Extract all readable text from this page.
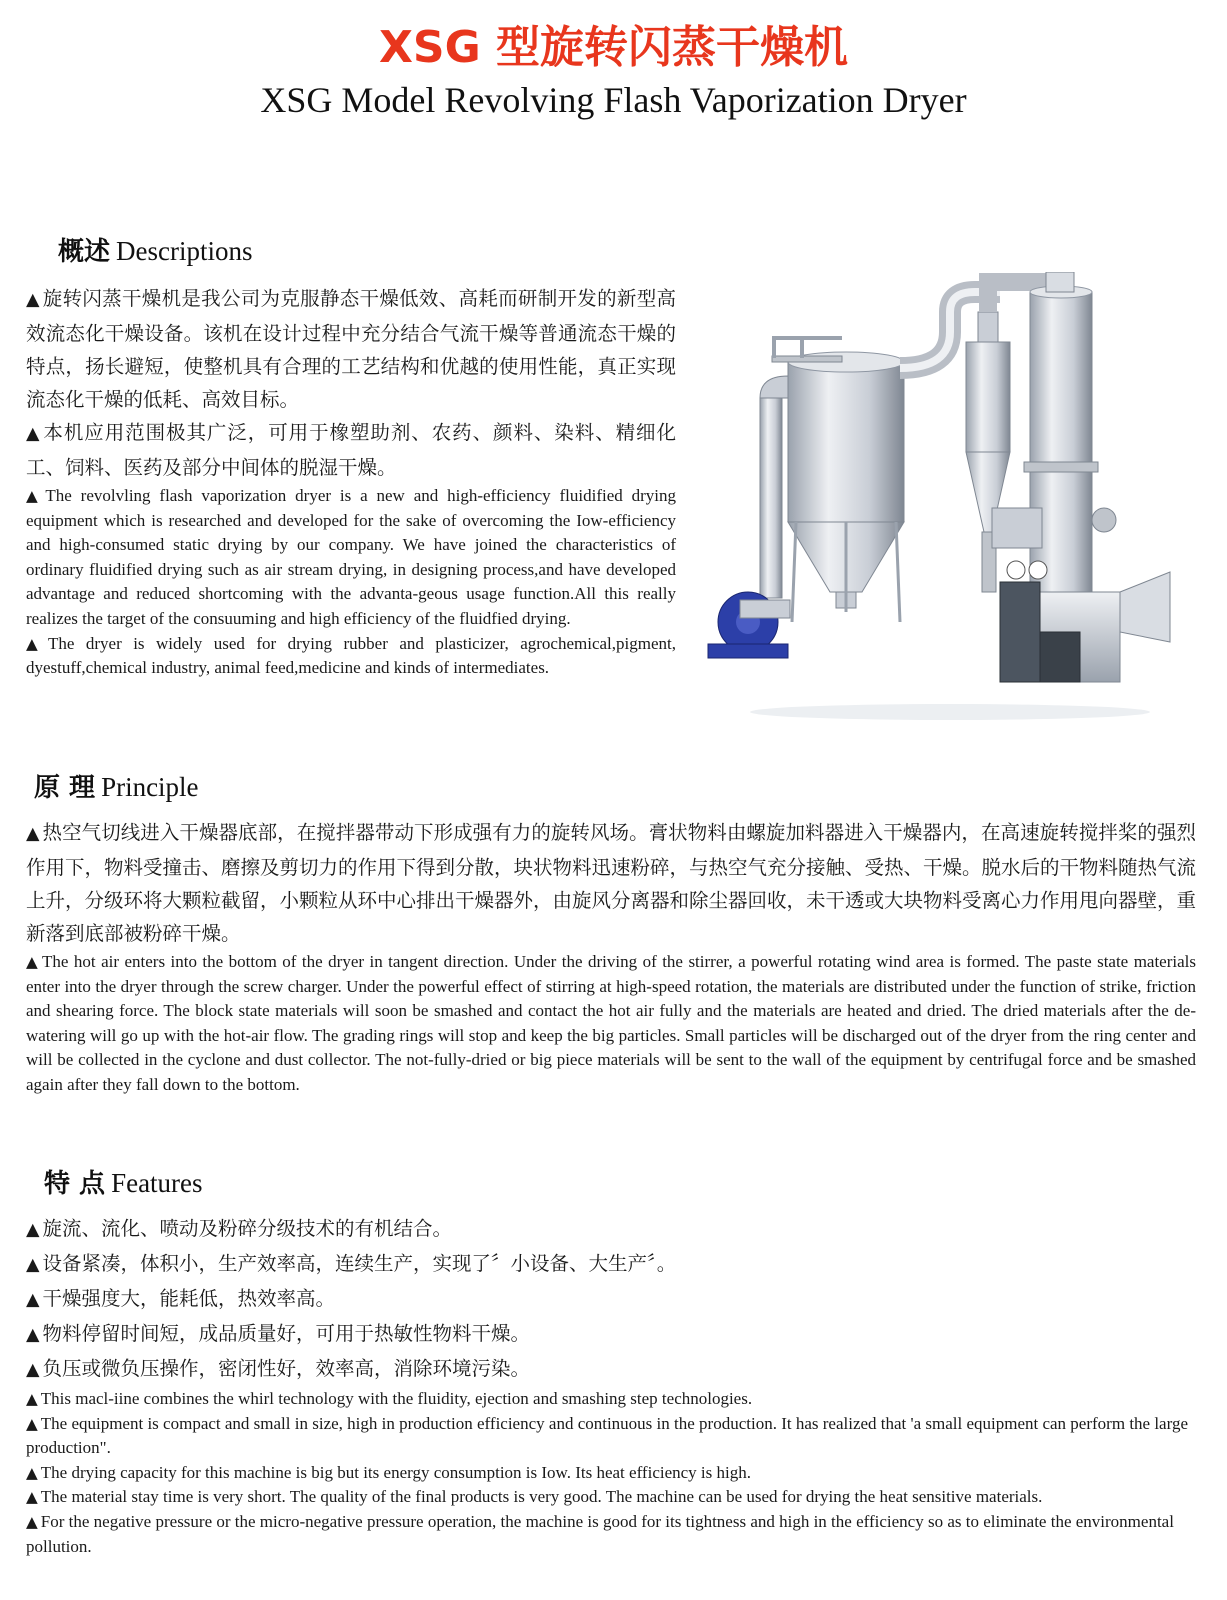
XSG 型旋转闪蒸干燥机
XSG Model Revolving Flash Vaporization Dryer
概述 Descriptions

▲ 旋转闪蒸干燥机是我公司为克服静态干燥低效、高耗而研制开发的新型高效流态化干燥设备。该机在设计过程中充分结合气流干燥等普通流态干燥的特点，扬长避短，使整机具有合理的工艺结构和优越的使用性能，真正实现流态化干燥的低耗、高效目标。

▲ 本机应用范围极其广泛，可用于橡塑助剂、农药、颜料、染料、精细化工、饲料、医药及部分中间体的脱湿干燥。

▲ The revolvling flash vaporization dryer is a new and high-efficiency fluidified drying equipment which is researched and developed for the sake of overcoming the Iow-efficiency and high-consumed static drying by our company. We have joined the characteristics of ordinary fluidified drying such as air stream drying, in designing process,and have developed advantage and reduced shortcoming with the advanta-geous usage function.All this really realizes the target of the consuuming and high efficiency of the fluidfied drying.

▲ The dryer is widely used for drying rubber and plasticizer, agrochemical,pigment, dyestuff,chemical industry, animal feed,medicine and kinds of intermediates.

原 理 Principle

▲ 热空气切线进入干燥器底部，在搅拌器带动下形成强有力的旋转风场。膏状物料由螺旋加料器进入干燥器内，在高速旋转搅拌桨的强烈作用下，物料受撞击、磨擦及剪切力的作用下得到分散，块状物料迅速粉碎，与热空气充分接触、受热、干燥。脱水后的干物料随热气流上升，分级环将大颗粒截留，小颗粒从环中心排出干燥器外，由旋风分离器和除尘器回收，未干透或大块物料受离心力作用甩向器壁，重新落到底部被粉碎干燥。

▲ The hot air enters into the bottom of the dryer in tangent direction. Under the driving of the stirrer, a powerful rotating wind area is formed. The paste state materials enter into the dryer through the screw charger. Under the powerful effect of stirring at high-speed rotation, the materials are distributed under the function of strike, friction and shearing force. The block state materials will soon be smashed and contact the hot air fully and the materials are heated and dried. The dried materials after the de-watering will go up with the hot-air flow. The grading rings will stop and keep the big particles. Small particles will be discharged out of the dryer from the ring center and will be collected in the cyclone and dust collector. The not-fully-dried or big piece materials will be sent to the wall of the equipment by centrifugal force and be smashed again after they fall down to the bottom.

特 点 Features

▲ 旋流、流化、喷动及粉碎分级技术的有机结合。

▲ 设备紧凑，体积小，生产效率高，连续生产，实现了〞小设备、大生产〞。

▲ 干燥强度大，能耗低，热效率高。

▲ 物料停留时间短，成品质量好，可用于热敏性物料干燥。

▲ 负压或微负压操作，密闭性好，效率高，消除环境污染。

▲ This macl-iine combines the whirl technology with the fluidity, ejection and smashing step technologies.

▲ The equipment is compact and small in size, high in production efficiency and continuous in the production. It has realized that 'a small equipment can perform the large production".

▲ The drying capacity for this machine is big but its energy consumption is Iow. Its heat efficiency is high.

▲ The material stay time is very short. The quality of the final products is very good. The machine can be used for drying the heat sensitive materials.

▲ For the negative pressure or the micro-negative pressure operation, the machine is good for its tightness and high in the efficiency so as to eliminate the environmental pollution.
